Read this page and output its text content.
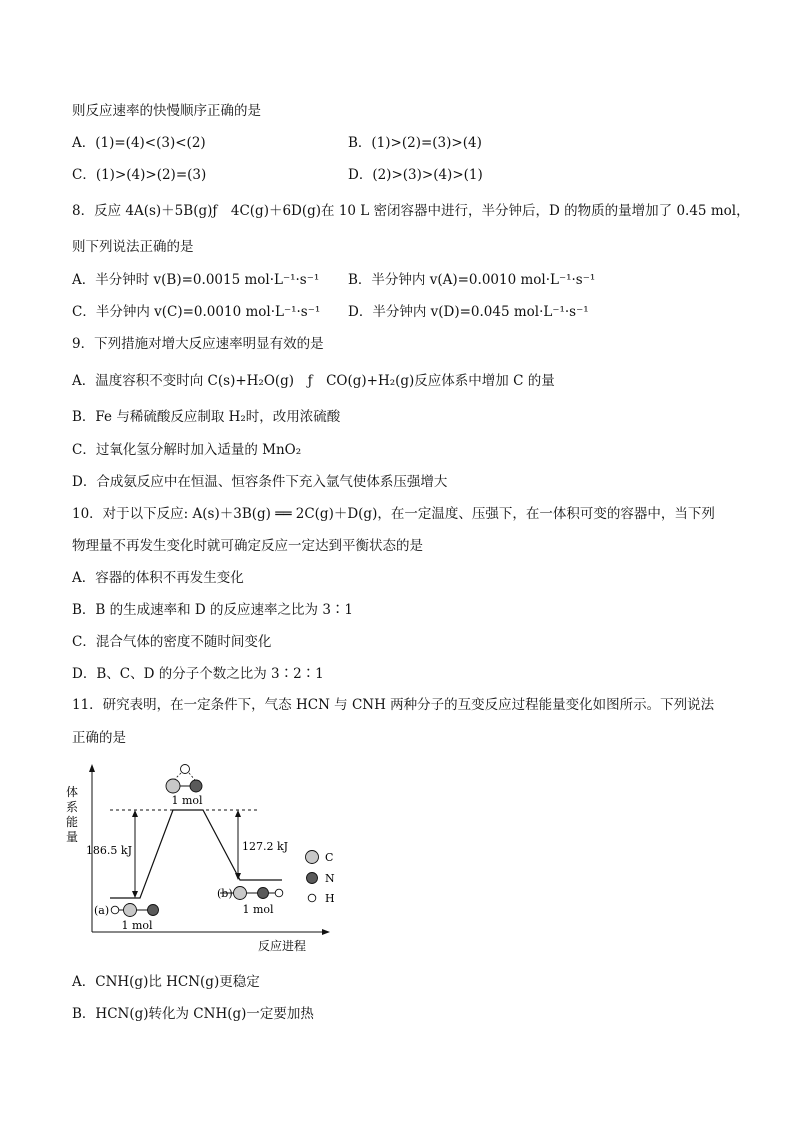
则反应速率的快慢顺序正确的是
A．(1)=(4)<(3)<(2)	B．(1)>(2)=(3)>(4)
C．(1)>(4)>(2)=(3)	D．(2)>(3)>(4)>(1)
8．反应 4A(s)＋5B(g)ƒ　4C(g)＋6D(g)在 10 L 密闭容器中进行，半分钟后，D 的物质的量增加了 0.45 mol，
则下列说法正确的是
A．半分钟时 v(B)=0.0015 mol·L⁻¹·s⁻¹ B．半分钟内 v(A)=0.0010 mol·L⁻¹·s⁻¹
C．半分钟内 v(C)=0.0010 mol·L⁻¹·s⁻¹ D．半分钟内 v(D)=0.045 mol·L⁻¹·s⁻¹
9．下列措施对增大反应速率明显有效的是
A．温度容积不变时向 C(s)+H₂O(g)　ƒ　CO(g)+H₂(g)反应体系中增加 C 的量
B．Fe 与稀硫酸反应制取 H₂时，改用浓硫酸
C．过氧化氢分解时加入适量的 MnO₂
D．合成氨反应中在恒温、恒容条件下充入氩气使体系压强增大
10．对于以下反应: A(s)＋3B(g) ══ 2C(g)＋D(g)，在一定温度、压强下，在一体积可变的容器中，当下列
物理量不再发生变化时就可确定反应一定达到平衡状态的是
A．容器的体积不再发生变化
B．B 的生成速率和 D 的反应速率之比为 3∶1
C．混合气体的密度不随时间变化
D．B、C、D 的分子个数之比为 3∶2∶1
11．研究表明，在一定条件下，气态 HCN 与 CNH 两种分子的互变反应过程能量变化如图所示。下列说法
正确的是
体系能量
反应进程
186.5 kJ	127.2 kJ
1 mol
(a)
1 mol
(b)
1 mol
C
N
H
A．CNH(g)比 HCN(g)更稳定
B．HCN(g)转化为 CNH(g)一定要加热
